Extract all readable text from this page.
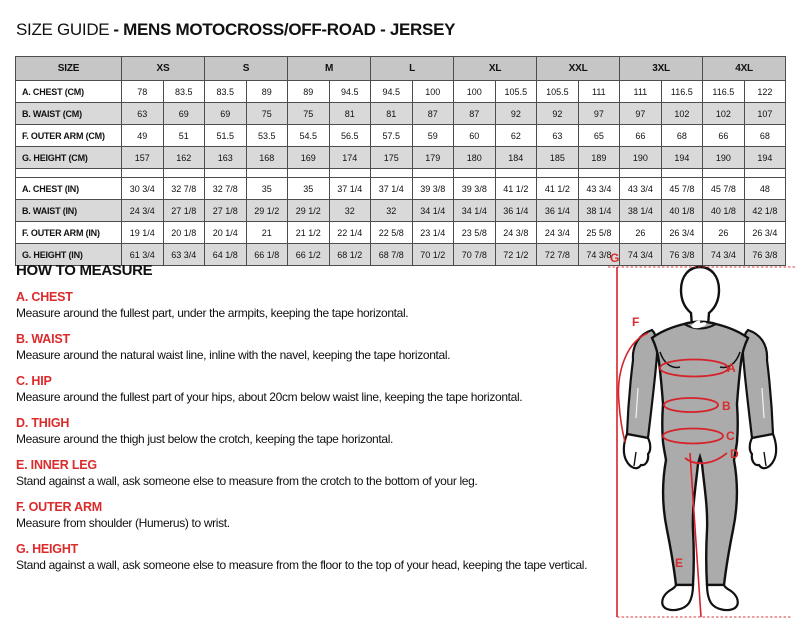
SIZE GUIDE - MENS MOTOCROSS/OFF-ROAD - JERSEY
SIZE	XS		S		M		L		XL		XXL		3XL		4XL	
A. CHEST (CM)	78	83.5	83.5	89	89	94.5	94.5	100	100	105.5	105.5	111	111	116.5	116.5	122
B. WAIST (CM)	63	69	69	75	75	81	81	87	87	92	92	97	97	102	102	107
F. OUTER ARM (CM)	49	51	51.5	53.5	54.5	56.5	57.5	59	60	62	63	65	66	68	66	68
G. HEIGHT (CM)	157	162	163	168	169	174	175	179	180	184	185	189	190	194	190	194

A. CHEST (IN)	30 3/4	32 7/8	32 7/8	35	35	37 1/4	37 1/4	39 3/8	39 3/8	41 1/2	41 1/2	43 3/4	43 3/4	45 7/8	45 7/8	48
B. WAIST (IN)	24 3/4	27 1/8	27 1/8	29 1/2	29 1/2	32	32	34 1/4	34 1/4	36 1/4	36 1/4	38 1/4	38 1/4	40 1/8	40 1/8	42 1/8
F. OUTER ARM (IN)	19 1/4	20 1/8	20 1/4	21	21 1/2	22 1/4	22 5/8	23 1/4	23 5/8	24 3/8	24 3/4	25 5/8	26	26 3/4	26	26 3/4
G. HEIGHT (IN)	61 3/4	63 3/4	64 1/8	66 1/8	66 1/2	68 1/2	68 7/8	70 1/2	70 7/8	72 1/2	72 7/8	74 3/8	74 3/4	76 3/8	74 3/4	76 3/8
HOW TO MEASURE
A. CHEST
Measure around the fullest part, under the armpits, keeping the tape horizontal.
B. WAIST
Measure around the natural waist line, inline with the navel, keeping the tape horizontal.
C. HIP
Measure around the fullest part of your hips, about 20cm below waist line, keeping the tape horizontal.
D. THIGH
Measure around the thigh just below the crotch, keeping the tape horizontal.
E. INNER LEG
Stand against a wall, ask someone else to measure from the crotch to the bottom of your leg.
F. OUTER ARM
Measure from shoulder (Humerus) to wrist.
G. HEIGHT
Stand against a wall, ask someone else to measure from the floor to the top of your head, keeping the tape vertical.
A
B
C
D
E
F
G
